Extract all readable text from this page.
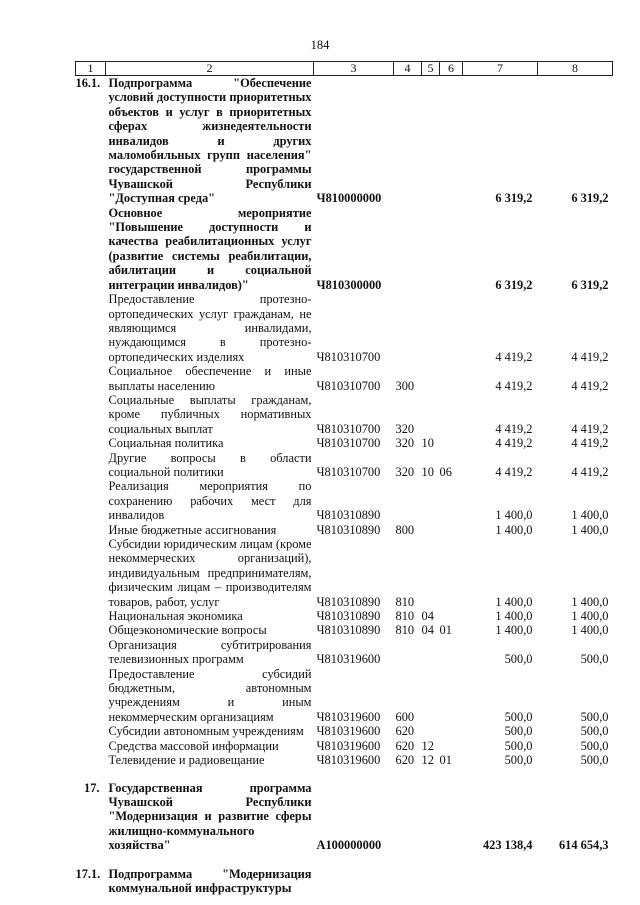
184
1	2	3	4	5	6	7	8
16.1.	Подпрограмма "Обеспечение условий доступности приоритетных объектов и услуг в приоритетных сферах жизнедеятельности инвалидов и других маломобильных групп населения" государственной программы Чувашской Республики "Доступная среда"	Ч810000000				6 319,2	6 319,2
	Основное мероприятие "Повышение доступности и качества реабилитационных услуг (развитие системы реабилитации, абилитации и социальной интеграции инвалидов)"	Ч810300000				6 319,2	6 319,2
	Предоставление протезно-ортопедических услуг гражданам, не являющимся инвалидами, нуждающимся в протезно-ортопедических изделиях	Ч810310700				4 419,2	4 419,2
	Социальное обеспечение и иные выплаты населению	Ч810310700	300			4 419,2	4 419,2
	Социальные выплаты гражданам, кроме публичных нормативных социальных выплат	Ч810310700	320			4 419,2	4 419,2
	Социальная политика	Ч810310700	320	10		4 419,2	4 419,2
	Другие вопросы в области социальной политики	Ч810310700	320	10	06	4 419,2	4 419,2
	Реализация мероприятия по сохранению рабочих мест для инвалидов	Ч810310890				1 400,0	1 400,0
	Иные бюджетные ассигнования	Ч810310890	800			1 400,0	1 400,0
	Субсидии юридическим лицам (кроме некоммерческих организаций), индивидуальным предпринимателям, физическим лицам – производителям товаров, работ, услуг	Ч810310890	810			1 400,0	1 400,0
	Национальная экономика	Ч810310890	810	04		1 400,0	1 400,0
	Общеэкономические вопросы	Ч810310890	810	04	01	1 400,0	1 400,0
	Организация субтитрирования телевизионных программ	Ч810319600				500,0	500,0
	Предоставление субсидий бюджетным, автономным учреждениям и иным некоммерческим организациям	Ч810319600	600			500,0	500,0
	Субсидии автономным учреждениям	Ч810319600	620			500,0	500,0
	Средства массовой информации	Ч810319600	620	12		500,0	500,0
	Телевидение и радиовещание	Ч810319600	620	12	01	500,0	500,0
17.	Государственная программа Чувашской Республики "Модернизация и развитие сферы жилищно-коммунального хозяйства"	A100000000				423 138,4	614 654,3
17.1.	Подпрограмма "Модернизация коммунальной инфраструктуры						
